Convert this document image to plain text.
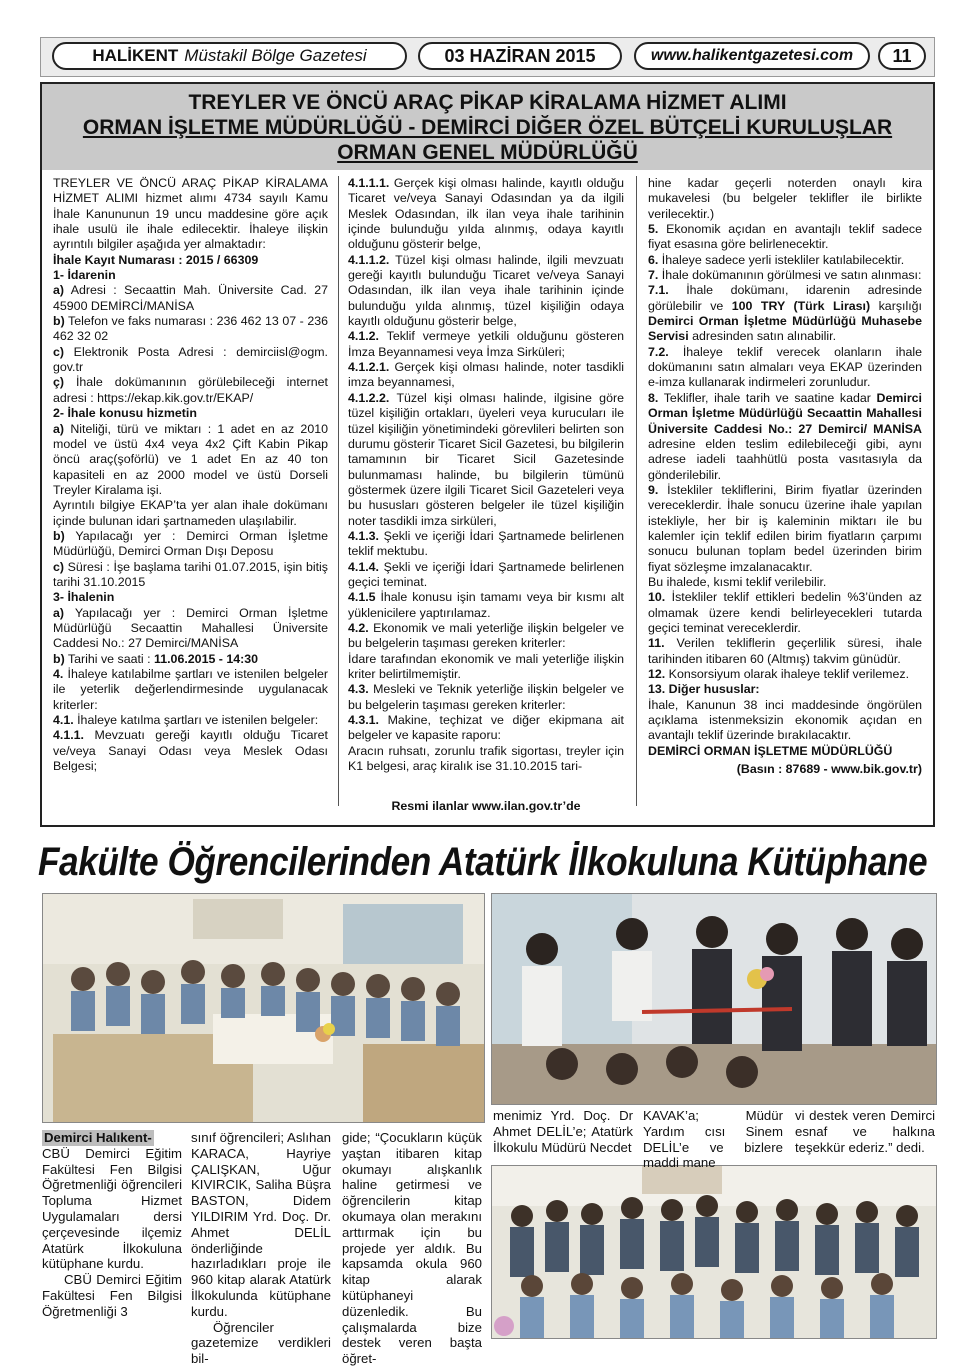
HALİKENT Müstakil Bölge Gazetesi	03 HAZİRAN 2015	www.halikentgazetesi.com	11
TREYLER VE ÖNCÜ ARAÇ PİKAP KİRALAMA HİZMET ALIMI
ORMAN İŞLETME MÜDÜRLÜĞÜ - DEMİRCİ DİĞER ÖZEL BÜTÇELİ KURULUŞLAR
ORMAN GENEL MÜDÜRLÜĞÜ

TREYLER VE ÖNCÜ ARAÇ PİKAP KİRALAMA HİZMET ALIMI hizmet alımı 4734 sayılı Kamu İhale Kanununun 19 uncu maddesine göre açık ihale usulü ile ihale edilecektir. İhaleye ilişkin ayrıntılı bilgiler aşağıda yer almaktadır:

İhale Kayıt Numarası : 2015 / 66309

1- İdarenin

a) Adresi : Secaattin Mah. Üniversite Cad. 27 45900 DEMİRCİ/MANİSA

b) Telefon ve faks numarası : 236 462 13 07 - 236 462 32 02

c) Elektronik Posta Adresi : demirciisl@ogm. gov.tr

ç) İhale dokümanının görülebileceği internet adresi : https://ekap.kik.gov.tr/EKAP/

2- İhale konusu hizmetin

a) Niteliği, türü ve miktarı : 1 adet en az 2010 model ve üstü 4x4 veya 4x2 Çift Kabin Pikap öncü araç(şoförlü) ve 1 adet En az 40 ton kapasiteli en az 2000 model ve üstü Dorseli Treyler Kiralama işi.

Ayrıntılı bilgiye EKAP’ta yer alan ihale dokümanı içinde bulunan idari şartnameden ulaşılabilir.

b) Yapılacağı yer : Demirci Orman İşletme Müdürlüğü, Demirci Orman Dışı Deposu

c) Süresi : İşe başlama tarihi 01.07.2015, işin bitiş tarihi 31.10.2015

3- İhalenin

a) Yapılacağı yer : Demirci Orman İşletme Müdürlüğü Secaattin Mahallesi Üniversite Caddesi No.: 27 Demirci/MANİSA

b) Tarihi ve saati : 11.06.2015 - 14:30

4. İhaleye katılabilme şartları ve istenilen belgeler ile yeterlik değerlendirmesinde uygulanacak kriterler:

4.1. İhaleye katılma şartları ve istenilen belgeler:

4.1.1. Mevzuatı gereği kayıtlı olduğu Ticaret ve/veya Sanayi Odası veya Meslek Odası Belgesi;

4.1.1.1. Gerçek kişi olması halinde, kayıtlı olduğu Ticaret ve/veya Sanayi Odasından ya da ilgili Meslek Odasından, ilk ilan veya ihale tarihinin içinde bulunduğu yılda alınmış, odaya kayıtlı olduğunu gösterir belge,

4.1.1.2. Tüzel kişi olması halinde, ilgili mevzuatı gereği kayıtlı bulunduğu Ticaret ve/veya Sanayi Odasından, ilk ilan veya ihale tarihinin içinde bulunduğu yılda alınmış, tüzel kişiliğin odaya kayıtlı olduğunu gösterir belge,

4.1.2. Teklif vermeye yetkili olduğunu gösteren İmza Beyannamesi veya İmza Sirküleri;

4.1.2.1. Gerçek kişi olması halinde, noter tasdikli imza beyannamesi,

4.1.2.2. Tüzel kişi olması halinde, ilgisine göre tüzel kişiliğin ortakları, üyeleri veya kurucuları ile tüzel kişiliğin yönetimindeki görevlileri belirten son durumu gösterir Ticaret Sicil Gazetesi, bu bilgilerin tamamının bir Ticaret Sicil Gazetesinde bulunmaması halinde, bu bilgilerin tümünü göstermek üzere ilgili Ticaret Sicil Gazeteleri veya bu hususları gösteren belgeler ile tüzel kişiliğin noter tasdikli imza sirküleri,

4.1.3. Şekli ve içeriği İdari Şartnamede belirlenen teklif mektubu.

4.1.4. Şekli ve içeriği İdari Şartnamede belirlenen geçici teminat.

4.1.5 İhale konusu işin tamamı veya bir kısmı alt yüklenicilere yaptırılamaz.

4.2. Ekonomik ve mali yeterliğe ilişkin belgeler ve bu belgelerin taşıması gereken kriterler:

İdare tarafından ekonomik ve mali yeterliğe ilişkin kriter belirtilmemiştir.

4.3. Mesleki ve Teknik yeterliğe ilişkin belgeler ve bu belgelerin taşıması gereken kriterler:

4.3.1. Makine, teçhizat ve diğer ekipmana ait belgeler ve kapasite raporu:

Aracın ruhsatı, zorunlu trafik sigortası, treyler için K1 belgesi, araç kiralık ise 31.10.2015 tari-

hine kadar geçerli noterden onaylı kira mukavelesi (bu belgeler teklifler ile birlikte verilecektir.)

5. Ekonomik açıdan en avantajlı teklif sadece fiyat esasına göre belirlenecektir.

6. İhaleye sadece yerli istekliler katılabilecektir.

7. İhale dokümanının görülmesi ve satın alınması:

7.1. İhale dokümanı, idarenin adresinde görülebilir ve 100 TRY (Türk Lirası) karşılığı Demirci Orman İşletme Müdürlüğü Muhasebe Servisi adresinden satın alınabilir.

7.2. İhaleye teklif verecek olanların ihale dokümanını satın almaları veya EKAP üzerinden e-imza kullanarak indirmeleri zorunludur.

8. Teklifler, ihale tarih ve saatine kadar Demirci Orman İşletme Müdürlüğü Secaattin Mahallesi Üniversite Caddesi No.: 27 Demirci/ MANİSA adresine elden teslim edilebileceği gibi, aynı adrese iadeli taahhütlü posta vasıtasıyla da gönderilebilir.

9. İstekliler tekliflerini, Birim fiyatlar üzerinden vereceklerdir. İhale sonucu üzerine ihale yapılan istekliyle, her bir iş kaleminin miktarı ile bu kalemler için teklif edilen birim fiyatların çarpımı sonucu bulunan toplam bedel üzerinden birim fiyat sözleşme imzalanacaktır.

Bu ihalede, kısmi teklif verilebilir.

10. İstekliler teklif ettikleri bedelin %3’ünden az olmamak üzere kendi belirleyecekleri tutarda geçici teminat vereceklerdir.

11. Verilen tekliflerin geçerlilik süresi, ihale tarihinden itibaren 60 (Altmış) takvim günüdür.

12. Konsorsiyum olarak ihaleye teklif verilemez.

13. Diğer hususlar:

İhale, Kanunun 38 inci maddesinde öngörülen açıklama istenmeksizin ekonomik açıdan en avantajlı teklif üzerinde bırakılacaktır.

DEMİRCİ ORMAN İŞLETME MÜDÜRLÜĞÜ

(Basın : 87689 - www.bik.gov.tr)

Resmi ilanlar www.ilan.gov.tr’de
Fakülte Öğrencilerinden Atatürk İlkokuluna Kütüphane

Demirci Halıkent- CBÜ Demirci Eğitim Fakültesi Fen Bilgisi Öğretmenliği öğrencileri Topluma Hizmet Uygulamaları dersi çerçevesinde ilçemiz Atatürk İlkokuluna kütüphane kurdu.

CBÜ Demirci Eğitim Fakültesi Fen Bilgisi Öğretmenliği 3

sınıf öğrencileri; Aslıhan KARACA, Hayriye ÇALIŞKAN, Uğur KIVIRCIK, Saliha Büşra BASTON, Didem YILDIRIM Yrd. Doç. Dr. Ahmet DELİL önderliğinde hazırladıkları proje ile 960 kitap alarak Atatürk İlkokulunda kütüphane kurdu.

Öğrenciler gazetemize verdikleri bil-

gide; “Çocukların küçük yaştan itibaren kitap okumayı alışkanlık haline getirmesi ve öğrencilerin kitap okumaya olan merakını arttırmak için bu projede yer aldık. Bu kapsamda okula 960 kitap alarak kütüphaneyi düzenledik. Bu çalışmalarda bize destek veren başta öğret-

menimiz Yrd. Doç. Dr Ahmet DELİL’e; Atatürk İlkokulu Müdürü Necdet

KAVAK’a; Müdür Yardım cısı Sinem DELİL’e ve bizlere maddi mane

vi destek veren Demirci esnaf ve halkına teşekkür ederiz.” dedi.
